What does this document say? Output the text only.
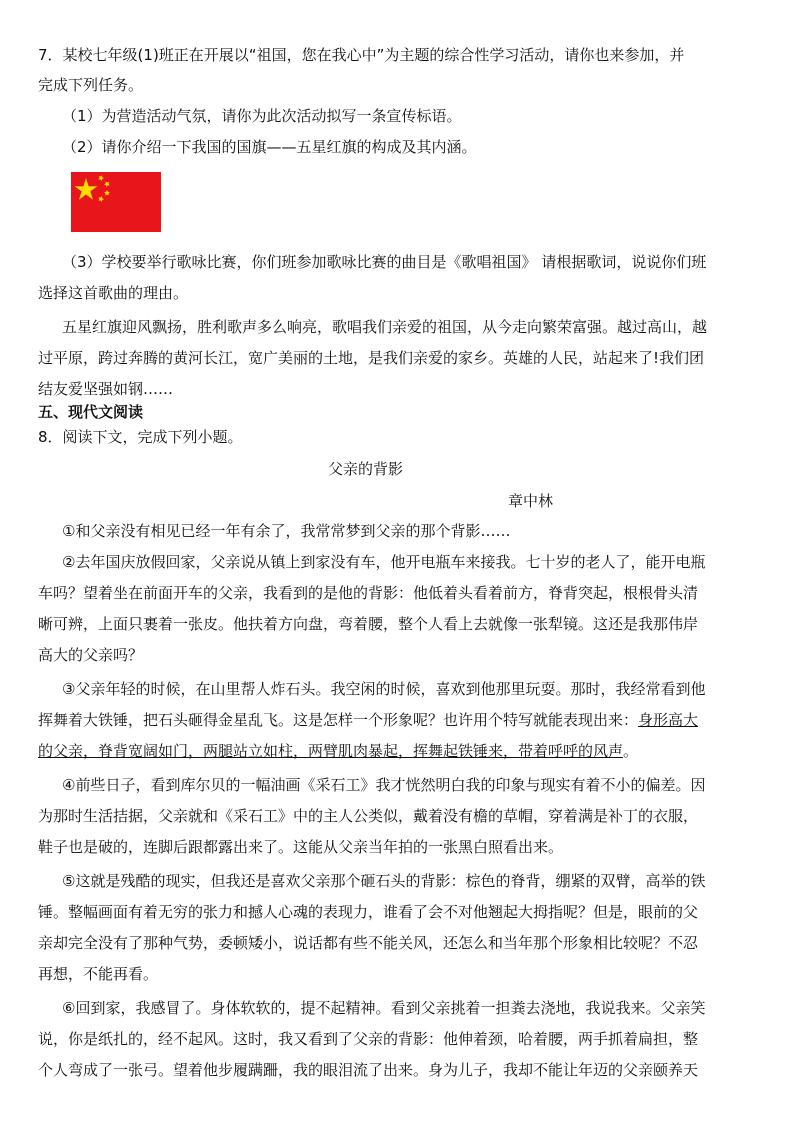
7．某校七年级(1)班正在开展以“祖国，您在我心中”为主题的综合性学习活动，请你也来参加，并

完成下列任务。

（1）为营造活动气氛，请你为此次活动拟写一条宣传标语。

（2）请你介绍一下我国的国旗——五星红旗的构成及其内涵。

（3）学校要举行歌咏比赛，你们班参加歌咏比赛的曲目是《歌唱祖国》 请根据歌词，说说你们班

选择这首歌曲的理由。

五星红旗迎风飘扬，胜利歌声多么响亮，歌唱我们亲爱的祖国，从今走向繁荣富强。越过高山，越

过平原，跨过奔腾的黄河长江，宽广美丽的土地，是我们亲爱的家乡。英雄的人民，站起来了!我们团

结友爱坚强如钢……

五、现代文阅读

8．阅读下文，完成下列小题。

父亲的背影

章中林

①和父亲没有相见已经一年有余了，我常常梦到父亲的那个背影……

②去年国庆放假回家，父亲说从镇上到家没有车，他开电瓶车来接我。七十岁的老人了，能开电瓶

车吗？望着坐在前面开车的父亲，我看到的是他的背影：他低着头看着前方，脊背突起，根根骨头清

晰可辨，上面只裹着一张皮。他扶着方向盘，弯着腰，整个人看上去就像一张犁镜。这还是我那伟岸

高大的父亲吗？

③父亲年轻的时候，在山里帮人炸石头。我空闲的时候，喜欢到他那里玩耍。那时，我经常看到他

挥舞着大铁锤，把石头砸得金星乱飞。这是怎样一个形象呢？也许用个特写就能表现出来：身形高大

的父亲，脊背宽阔如门，两腿站立如柱，两臂肌肉暴起，挥舞起铁锤来，带着呼呼的风声。

④前些日子，看到库尔贝的一幅油画《采石工》我才恍然明白我的印象与现实有着不小的偏差。因

为那时生活拮据，父亲就和《采石工》中的主人公类似，戴着没有檐的草帽，穿着满是补丁的衣服，

鞋子也是破的，连脚后跟都露出来了。这能从父亲当年拍的一张黑白照看出来。

⑤这就是残酷的现实，但我还是喜欢父亲那个砸石头的背影：棕色的脊背，绷紧的双臂，高举的铁

锤。整幅画面有着无穷的张力和撼人心魂的表现力，谁看了会不对他翘起大拇指呢？但是，眼前的父

亲却完全没有了那种气势，委顿矮小，说话都有些不能关风，还怎么和当年那个形象相比较呢？不忍

再想，不能再看。

⑥回到家，我感冒了。身体软软的，提不起精神。看到父亲挑着一担粪去浇地，我说我来。父亲笑

说，你是纸扎的，经不起风。这时，我又看到了父亲的背影：他伸着颈，哈着腰，两手抓着扁担，整

个人弯成了一张弓。望着他步履蹒跚，我的眼泪流了出来。身为儿子，我却不能让年迈的父亲颐养天
